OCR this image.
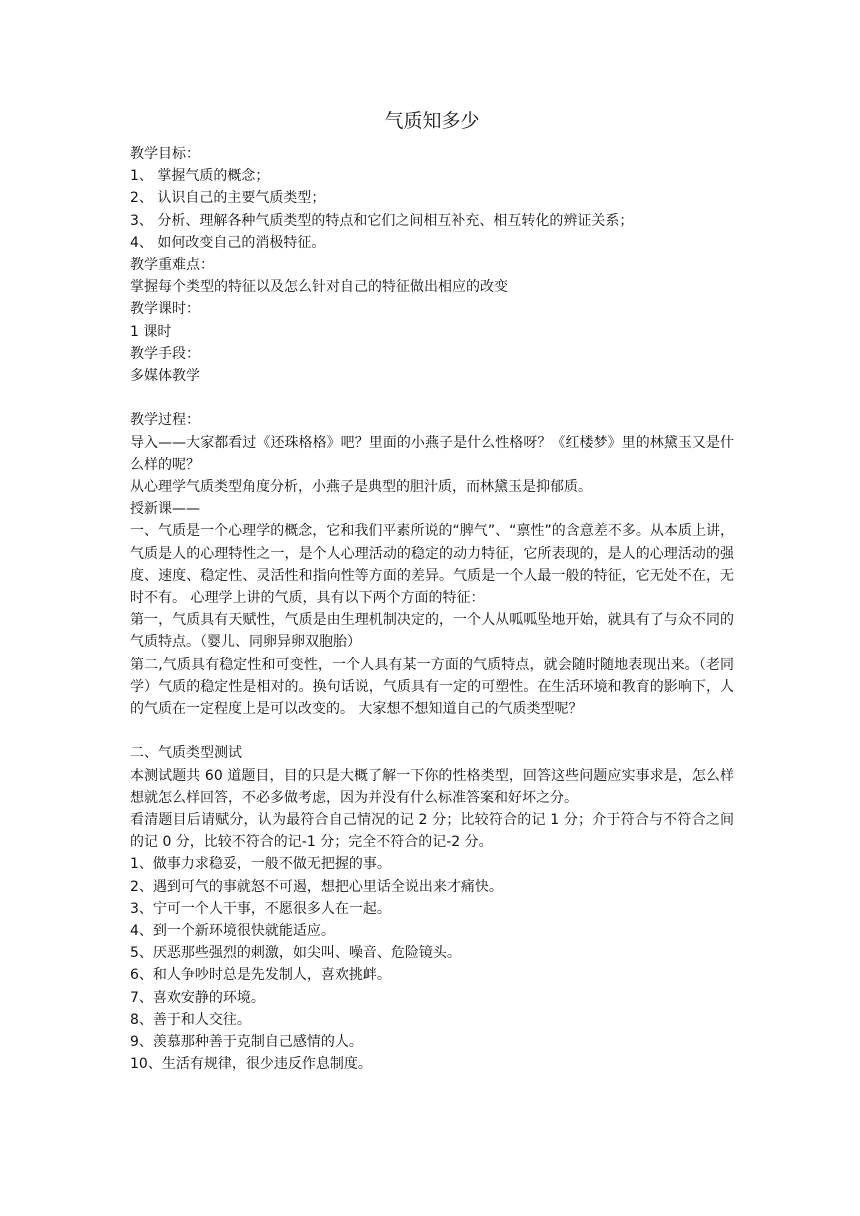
气质知多少
教学目标：
1、 掌握气质的概念；
2、 认识自己的主要气质类型；
3、 分析、理解各种气质类型的特点和它们之间相互补充、相互转化的辨证关系；
4、 如何改变自己的消极特征。
教学重难点：
掌握每个类型的特征以及怎么针对自己的特征做出相应的改变
教学课时：
1 课时
教学手段：
多媒体教学
教学过程：
导入——大家都看过《还珠格格》吧？里面的小燕子是什么性格呀？《红楼梦》里的林黛玉又是什么样的呢？
从心理学气质类型角度分析，小燕子是典型的胆汁质，而林黛玉是抑郁质。
授新课——
一、气质是一个心理学的概念，它和我们平素所说的“脾气”、“禀性”的含意差不多。从本质上讲，气质是人的心理特性之一，是个人心理活动的稳定的动力特征，它所表现的，是人的心理活动的强度、速度、稳定性、灵活性和指向性等方面的差异。气质是一个人最一般的特征，它无处不在，无时不有。 心理学上讲的气质，具有以下两个方面的特征：
第一，气质具有天赋性，气质是由生理机制决定的，一个人从呱呱坠地开始，就具有了与众不同的气质特点。（婴儿、同卵异卵双胞胎）
第二,气质具有稳定性和可变性，一个人具有某一方面的气质特点，就会随时随地表现出来。（老同学）气质的稳定性是相对的。换句话说，气质具有一定的可塑性。在生活环境和教育的影响下，人的气质在一定程度上是可以改变的。 大家想不想知道自己的气质类型呢？
二、气质类型测试
本测试题共 60 道题目，目的只是大概了解一下你的性格类型，回答这些问题应实事求是，怎么样想就怎么样回答，不必多做考虑，因为并没有什么标准答案和好坏之分。
看清题目后请赋分，认为最符合自己情况的记 2 分；比较符合的记 1 分；介于符合与不符合之间的记 0 分，比较不符合的记-1 分；完全不符合的记-2 分。
1、做事力求稳妥，一般不做无把握的事。
2、遇到可气的事就怒不可遏，想把心里话全说出来才痛快。
3、宁可一个人干事，不愿很多人在一起。
4、到一个新环境很快就能适应。
5、厌恶那些强烈的刺激，如尖叫、噪音、危险镜头。
6、和人争吵时总是先发制人，喜欢挑衅。
7、喜欢安静的环境。
8、善于和人交往。
9、羡慕那种善于克制自己感情的人。
10、生活有规律，很少违反作息制度。
